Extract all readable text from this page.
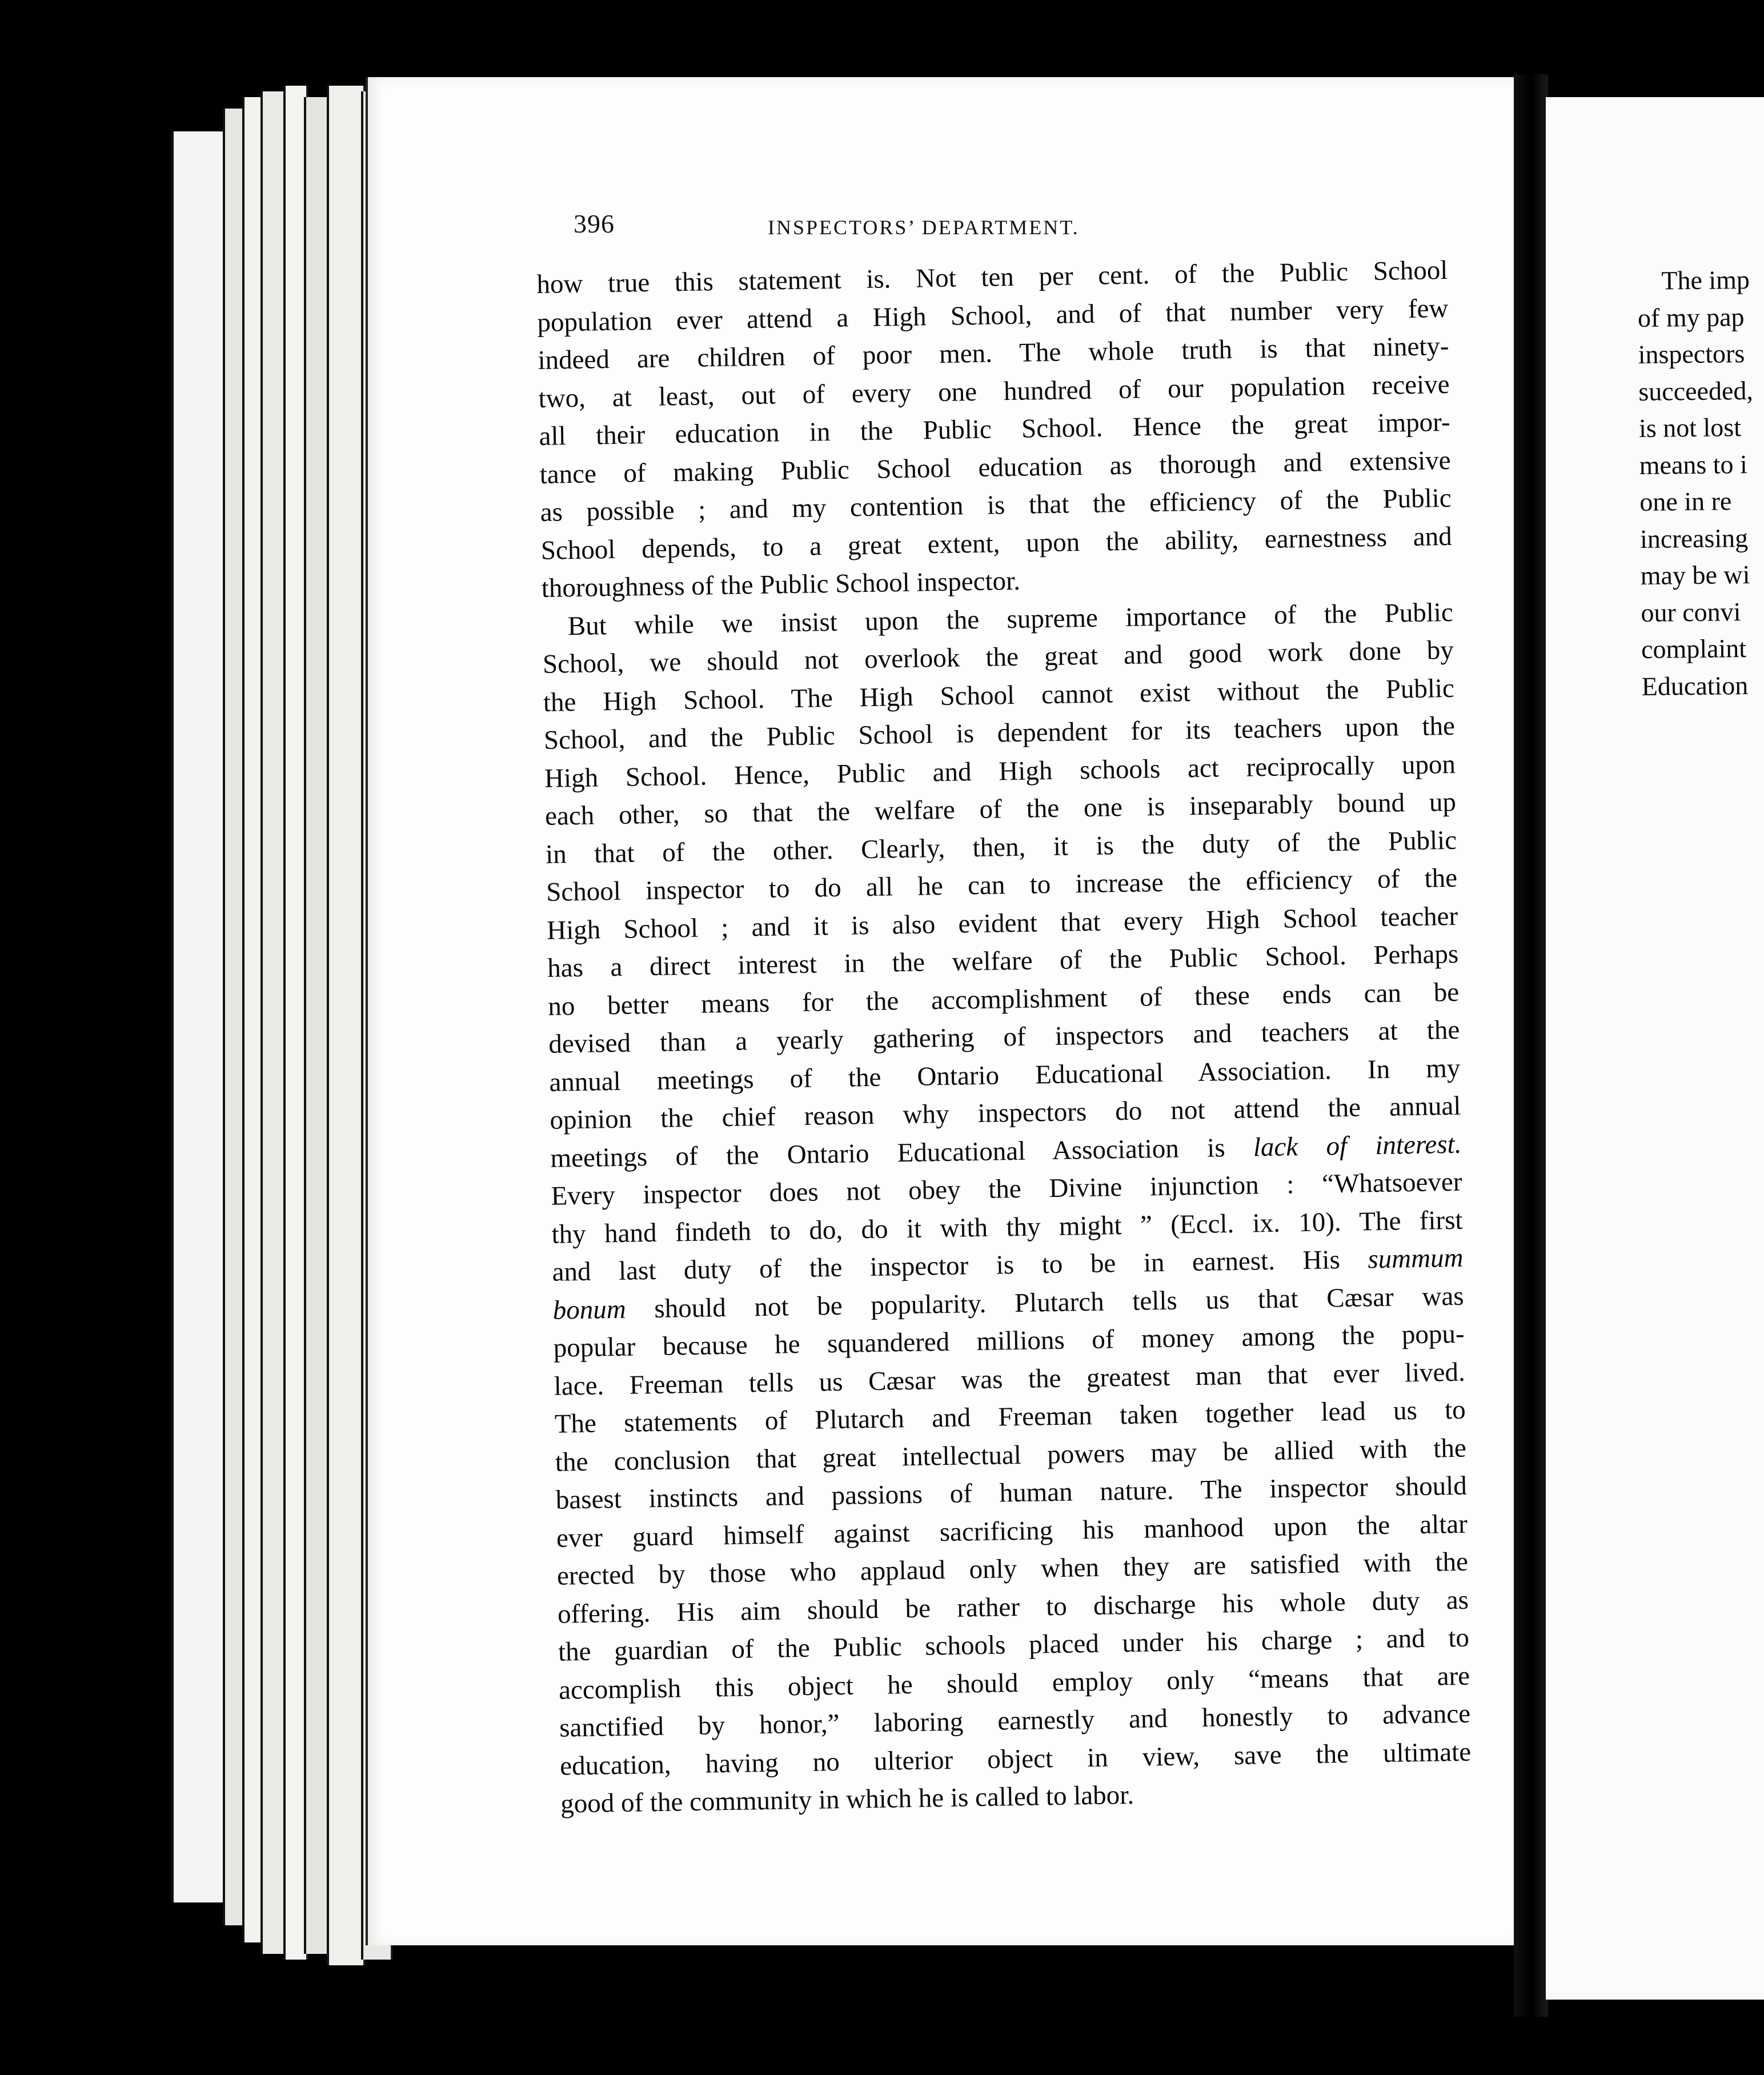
396	INSPECTORS’ DEPARTMENT.
how true this statement is. Not ten per cent. of the Public School
population ever attend a High School, and of that number very few
indeed are children of poor men. The whole truth is that ninety-
two, at least, out of every one hundred of our population receive
all their education in the Public School. Hence the great impor-
tance of making Public School education as thorough and extensive
as possible ; and my contention is that the efficiency of the Public
School depends, to a great extent, upon the ability, earnestness and
thoroughness of the Public School inspector.
But while we insist upon the supreme importance of the Public
School, we should not overlook the great and good work done by
the High School. The High School cannot exist without the Public
School, and the Public School is dependent for its teachers upon the
High School. Hence, Public and High schools act reciprocally upon
each other, so that the welfare of the one is inseparably bound up
in that of the other. Clearly, then, it is the duty of the Public
School inspector to do all he can to increase the efficiency of the
High School ; and it is also evident that every High School teacher
has a direct interest in the welfare of the Public School. Perhaps
no better means for the accomplishment of these ends can be
devised than a yearly gathering of inspectors and teachers at the
annual meetings of the Ontario Educational Association. In my
opinion the chief reason why inspectors do not attend the annual
meetings of the Ontario Educational Association is lack of interest.
Every inspector does not obey the Divine injunction : “Whatsoever
thy hand findeth to do, do it with thy might ” (Eccl. ix. 10). The first
and last duty of the inspector is to be in earnest. His summum
bonum should not be popularity. Plutarch tells us that Cæsar was
popular because he squandered millions of money among the popu-
lace. Freeman tells us Cæsar was the greatest man that ever lived.
The statements of Plutarch and Freeman taken together lead us to
the conclusion that great intellectual powers may be allied with the
basest instincts and passions of human nature. The inspector should
ever guard himself against sacrificing his manhood upon the altar
erected by those who applaud only when they are satisfied with the
offering. His aim should be rather to discharge his whole duty as
the guardian of the Public schools placed under his charge ; and to
accomplish this object he should employ only “means that are
sanctified by honor,” laboring earnestly and honestly to advance
education, having no ulterior object in view, save the ultimate
good of the community in which he is called to labor.
The imp
of my pap
inspectors
succeeded,
is not lost
means to i
one in re
increasing
may be wi
our convi
complaint
Education
